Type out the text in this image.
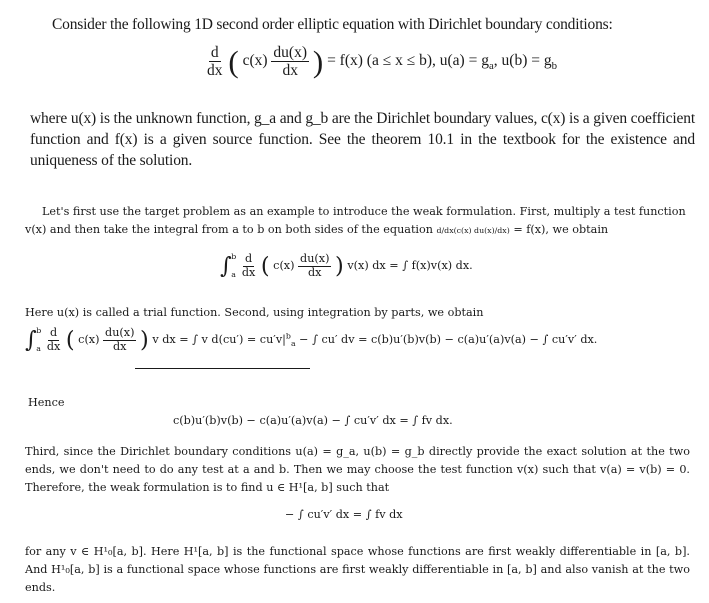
Consider the following 1D second order elliptic equation with Dirichlet boundary conditions:

$\frac{d}{dx}$ ( $c(x) \frac{du(x)}{dx}$ ) = f(x) (a ≤ x ≤ b), $u(a) = g_a$, $u(b) = g_b$

where u(x) is the unknown function, g_a and g_b are the Dirichlet boundary values, c(x) is a given coefficient function and f(x) is a given source function. See the theorem 10.1 in the textbook for the existence and uniqueness of the solution.

Let's first use the target problem as an example to introduce the weak formulation. First, multiply a test function

v(x) and then take the integral from a to b on both sides of the equation d/dx(c(x) du(x)/dx) = f(x), we obtain

∫ b
a
$\frac{d}{dx}$ ( $c(x) \frac{du(x)}{dx}$ ) v(x) dx = ∫ f(x)v(x) dx.

Here u(x) is called a trial function. Second, using integration by parts, we obtain

∫ b
a
$\frac{d}{dx}$ ( $c(x) \frac{du(x)}{dx}$ ) v dx = ∫ v $d(cu') = cu'v|^b_a$ − ∫ cu′ dv = c(b)u′(b)v(b) − c(a)u′(a)v(a) − ∫ cu′v′ dx.

Hence

c(b)u′(b)v(b) − c(a)u′(a)v(a) − ∫ cu′v′ dx = ∫ fv dx.

Third, since the Dirichlet boundary conditions u(a) = g_a, u(b) = g_b directly provide the exact solution at the two ends, we don't need to do any test at a and b. Then we may choose the test function v(x) such that v(a) = v(b) = 0. Therefore, the weak formulation is to find u ∈ H¹[a, b] such that

− ∫ cu′v′ dx = ∫ fv dx

for any v ∈ H¹₀[a, b]. Here H¹[a, b] is the functional space whose functions are first weakly differentiable in [a, b]. And H¹₀[a, b] is a functional space whose functions are first weakly differentiable in [a, b] and also vanish at the two ends.
